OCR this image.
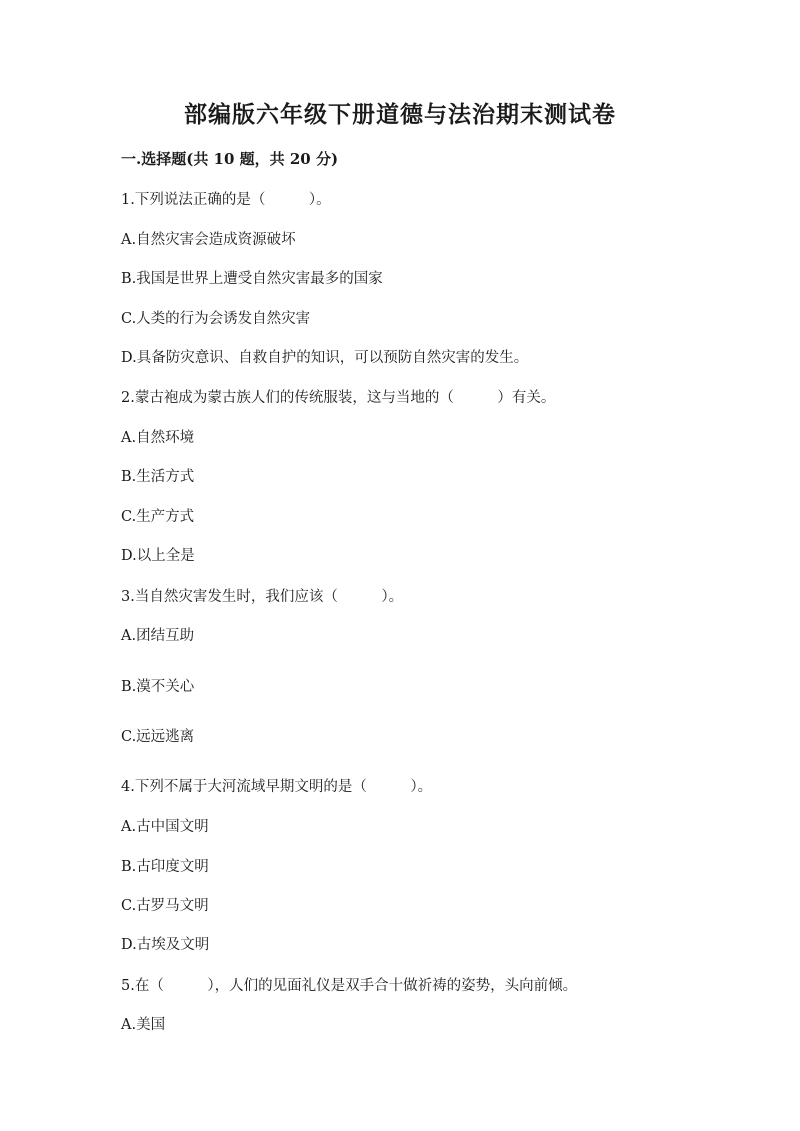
部编版六年级下册道德与法治期末测试卷
一.选择题(共 10 题，共 20 分)
1.下列说法正确的是（　　　）。
A.自然灾害会造成资源破坏
B.我国是世界上遭受自然灾害最多的国家
C.人类的行为会诱发自然灾害
D.具备防灾意识、自救自护的知识，可以预防自然灾害的发生。
2.蒙古袍成为蒙古族人们的传统服装，这与当地的（　　　）有关。
A.自然环境
B.生活方式
C.生产方式
D.以上全是
3.当自然灾害发生时，我们应该（　　　）。
A.团结互助
B.漠不关心
C.远远逃离
4.下列不属于大河流域早期文明的是（　　　）。
A.古中国文明
B.古印度文明
C.古罗马文明
D.古埃及文明
5.在（　　　），人们的见面礼仪是双手合十做祈祷的姿势，头向前倾。
A.美国
